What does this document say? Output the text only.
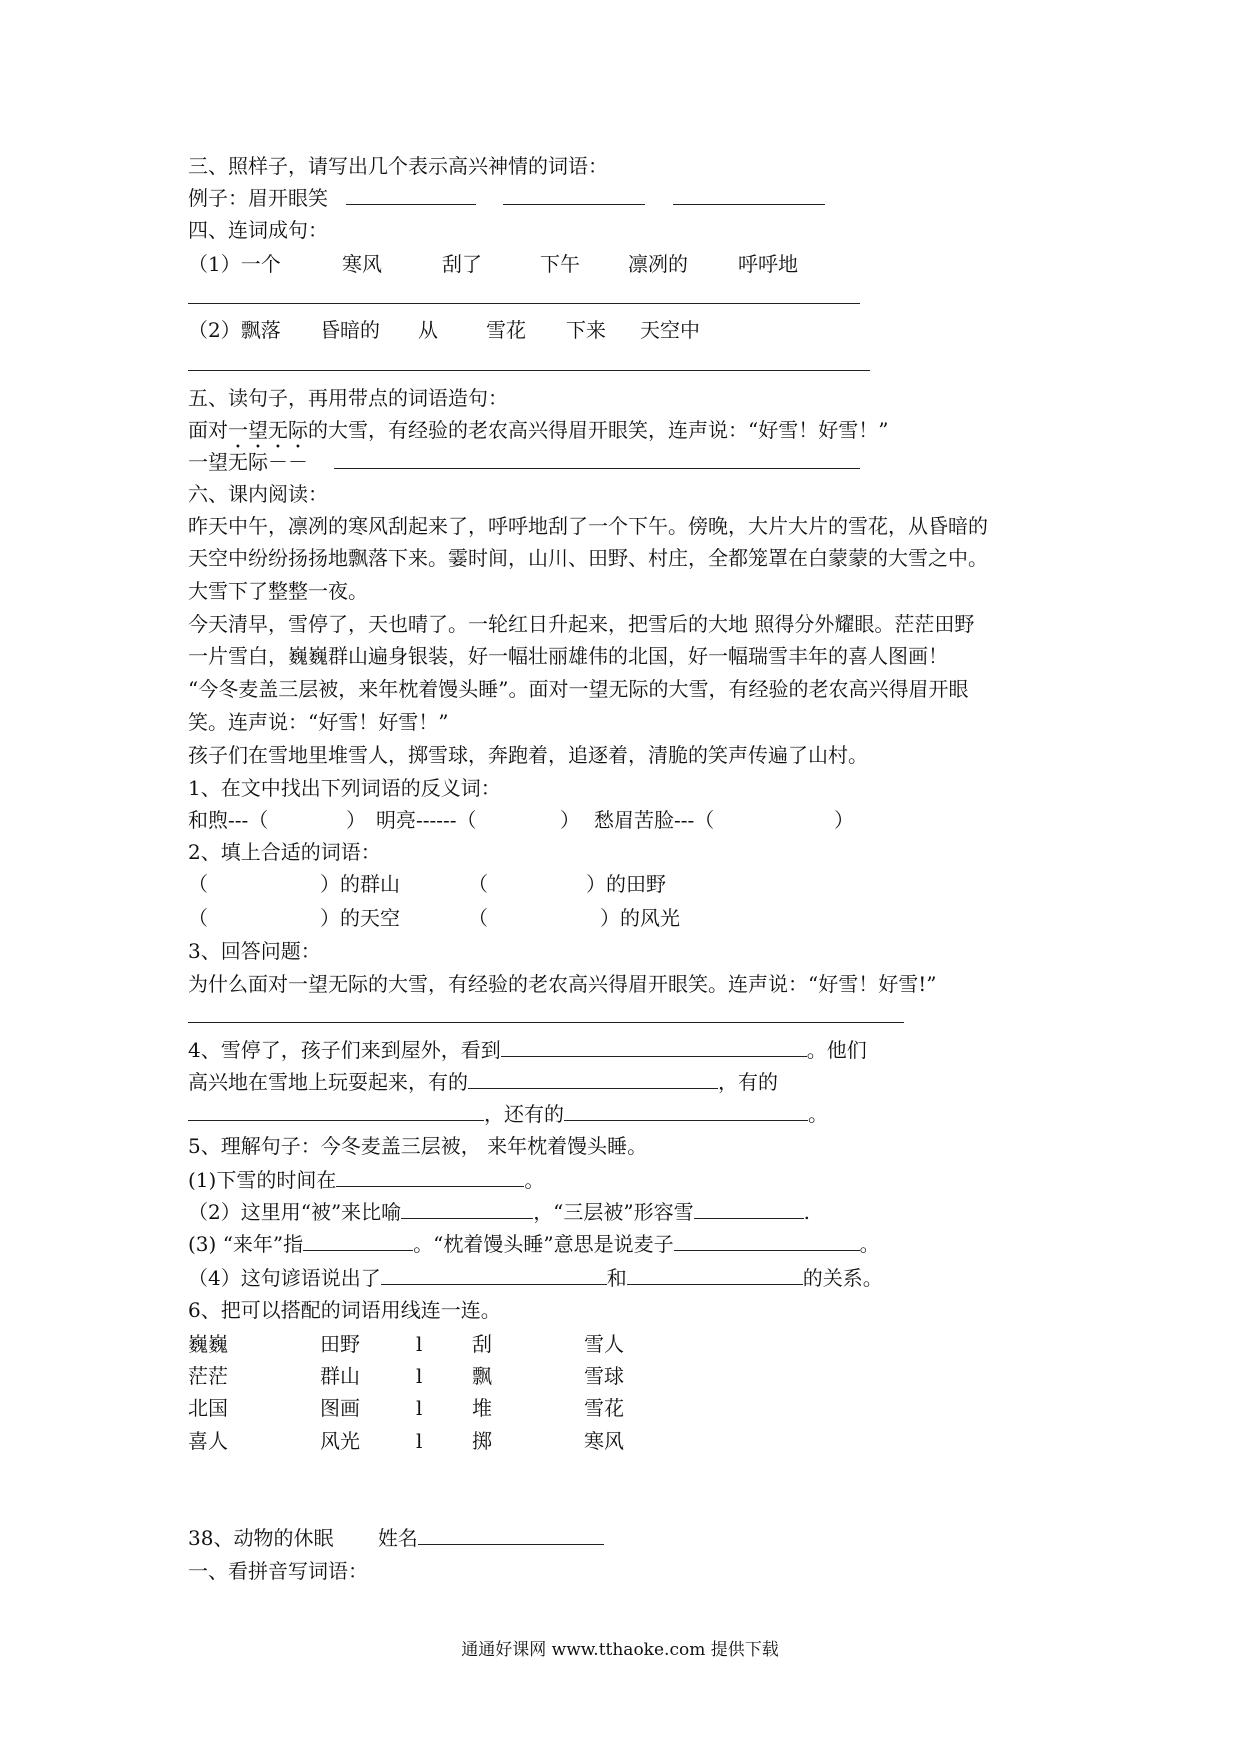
三、照样子，请写出几个表示高兴神情的词语：
例子：眉开眼笑
四、连词成句：
（1）一个	寒风	刮了	下午 凛冽的	呼呼地
（2）飘落 昏暗的 从 雪花 下来 天空中
五、读句子，再用带点的词语造句：
面对一望无际的大雪，有经验的老农高兴得眉开眼笑，连声说：“好雪！好雪！”
一望无际－－
六、课内阅读：
昨天中午，凛冽的寒风刮起来了，呼呼地刮了一个下午。傍晚，大片大片的雪花，从昏暗的
天空中纷纷扬扬地飘落下来。霎时间，山川、田野、村庄，全都笼罩在白蒙蒙的大雪之中。
大雪下了整整一夜。
今天清早，雪停了，天也晴了。一轮红日升起来，把雪后的大地 照得分外耀眼。茫茫田野
一片雪白，巍巍群山遍身银装，好一幅壮丽雄伟的北国，好一幅瑞雪丰年的喜人图画！
“今冬麦盖三层被，来年枕着馒头睡”。面对一望无际的大雪，有经验的老农高兴得眉开眼
笑。连声说：“好雪！好雪！”
孩子们在雪地里堆雪人，掷雪球，奔跑着，追逐着，清脆的笑声传遍了山村。
1、在文中找出下列词语的反义词：
和煦---（	） 明亮------（	） 愁眉苦脸---（	）
2、填上合适的词语：
（	）的群山	（	）的田野
（	）的天空	（	）的风光
3、回答问题：
为什么面对一望无际的大雪，有经验的老农高兴得眉开眼笑。连声说：“好雪！好雪!”
4、雪停了，孩子们来到屋外，看到	。他们
高兴地在雪地上玩耍起来，有的	，有的
，还有的	。
5、理解句子：今冬麦盖三层被， 来年枕着馒头睡。
(1)下雪的时间在	。
（2）这里用“被”来比喻	，“三层被”形容雪	.
(3) “来年”指	。“枕着馒头睡”意思是说麦子	。
（4）这句谚语说出了	和	的关系。
6、把可以搭配的词语用线连一连。
巍巍	田野	l 刮	雪人
茫茫	群山	l 飘	雪球
北国	图画	l 堆	雪花
喜人	风光	l 掷	寒风
38、动物的休眠 姓名
一、看拼音写词语：
通通好课网 www.tthaoke.com 提供下载
